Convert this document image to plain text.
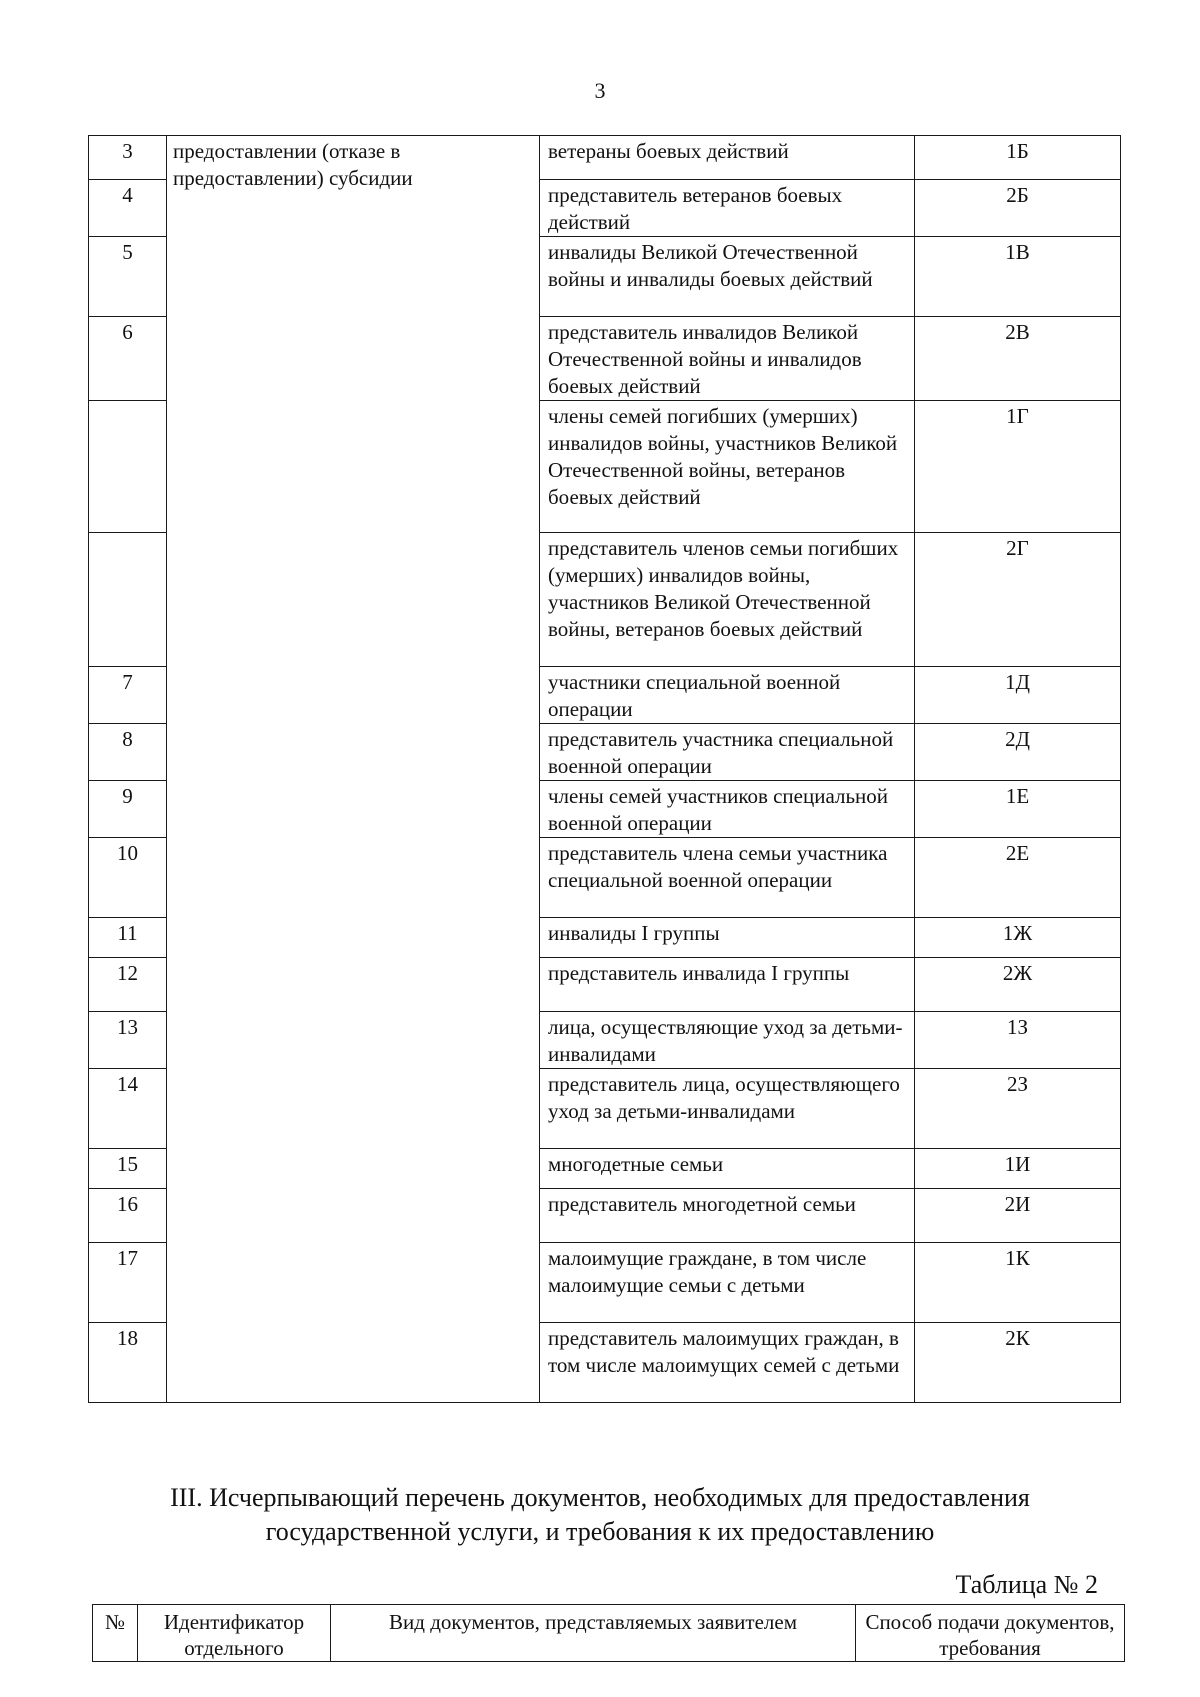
3
3	предоставлении (отказе в предоставлении) субсидии	ветераны боевых действий	1Б
4		представитель ветеранов боевых действий	2Б
5		инвалиды Великой Отечественной войны и инвалиды боевых действий	1В
6		представитель инвалидов Великой Отечественной войны и инвалидов боевых действий	2В
		члены семей погибших (умерших) инвалидов войны, участников Великой Отечественной войны, ветеранов боевых действий	1Г
		представитель членов семьи погибших (умерших) инвалидов войны, участников Великой Отечественной войны, ветеранов боевых действий	2Г
7		участники специальной военной операции	1Д
8		представитель участника специальной военной операции	2Д
9		члены семей участников специальной военной операции	1Е
10		представитель члена семьи участника специальной военной операции	2Е
11		инвалиды I группы	1Ж
12		представитель инвалида I группы	2Ж
13		лица, осуществляющие уход за детьми-инвалидами	1З
14		представитель лица, осуществляющего уход за детьми-инвалидами	2З
15		многодетные семьи	1И
16		представитель многодетной семьи	2И
17		малоимущие граждане, в том числе малоимущие семьи с детьми	1К
18		представитель малоимущих граждан, в том числе малоимущих семей с детьми	2К
III. Исчерпывающий перечень документов, необходимых для предоставления государственной услуги, и требования к их предоставлению
Таблица № 2
№	Идентификатор отдельного	Вид документов, представляемых заявителем	Способ подачи документов, требования
